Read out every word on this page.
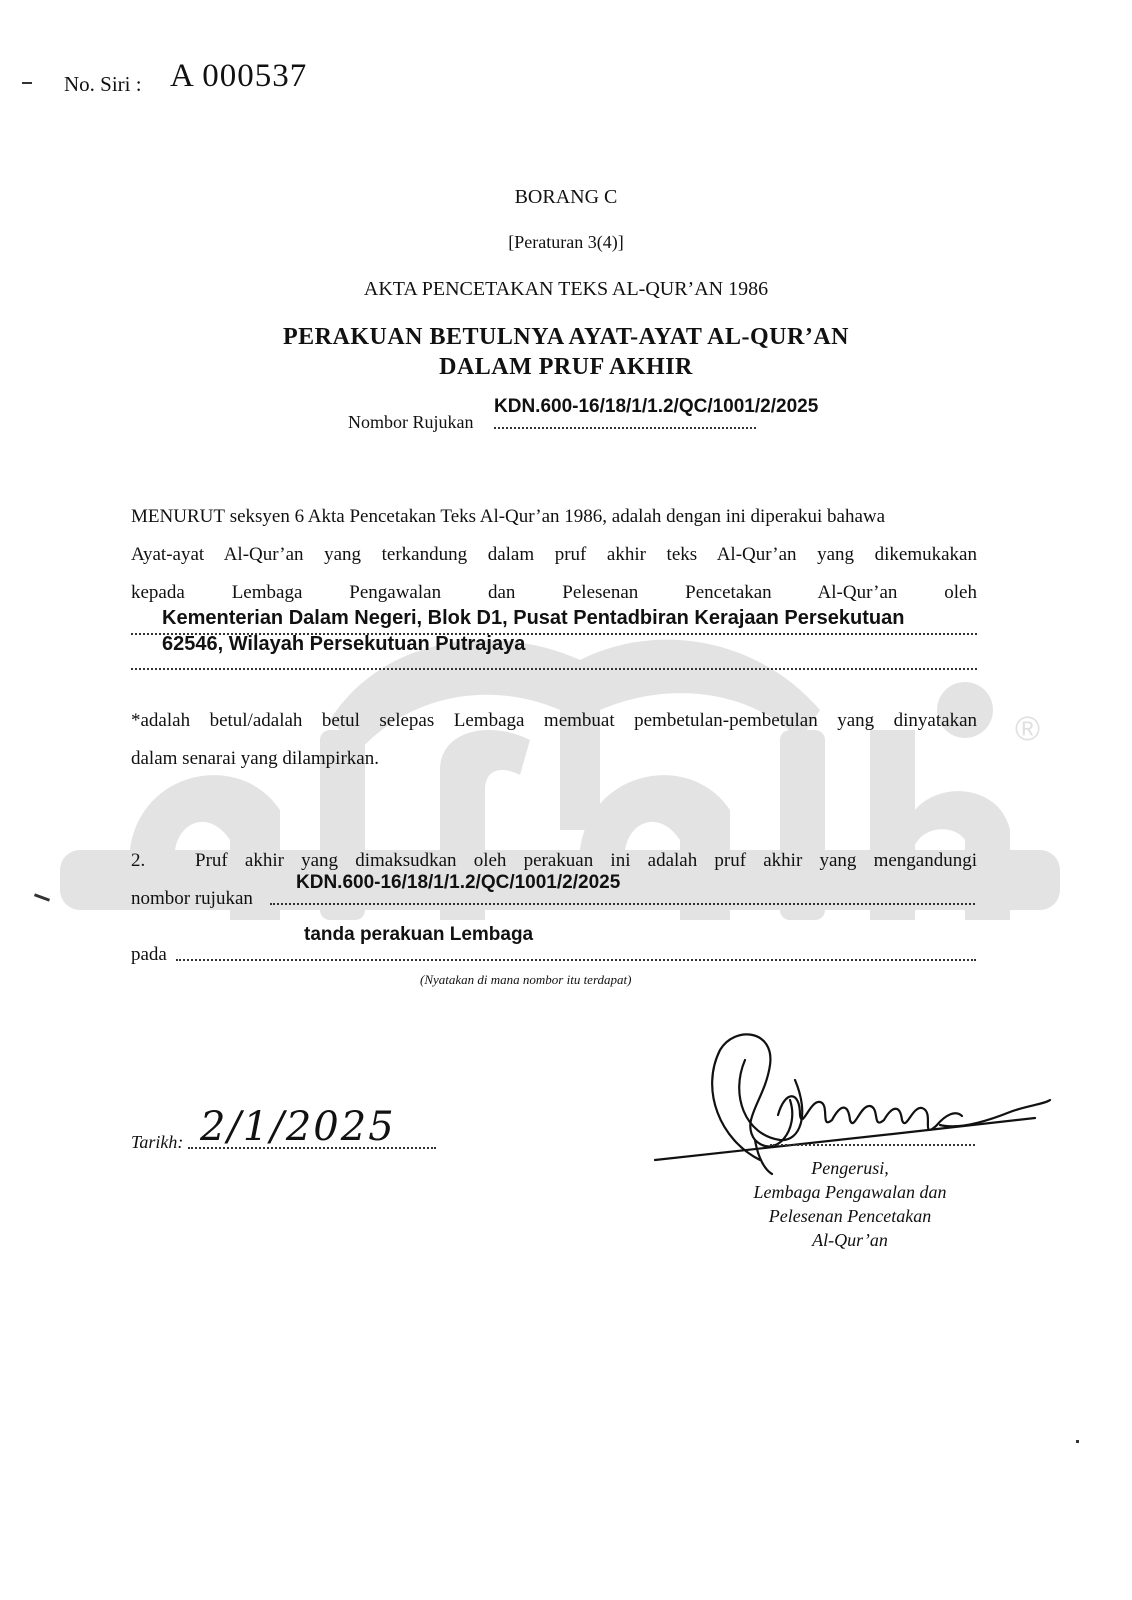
®
No. Siri : A 000537
BORANG C
[Peraturan 3(4)]
AKTA PENCETAKAN TEKS AL-QUR’AN 1986
PERAKUAN BETULNYA AYAT-AYAT AL-QUR’AN
DALAM PRUF AKHIR
Nombor Rujukan
KDN.600-16/18/1/1.2/QC/1001/2/2025
MENURUT seksyen 6 Akta Pencetakan Teks Al-Qur’an 1986, adalah dengan ini diperakui bahawa
Ayat-ayat Al-Qur’an yang terkandung dalam pruf akhir teks Al-Qur’an yang dikemukakan
kepada Lembaga Pengawalan dan Pelesenan Pencetakan Al-Qur’an oleh
Kementerian Dalam Negeri, Blok D1, Pusat Pentadbiran Kerajaan Persekutuan
62546, Wilayah Persekutuan Putrajaya
*adalah betul/adalah betul selepas Lembaga membuat pembetulan-pembetulan yang dinyatakan
dalam senarai yang dilampirkan.
2.	Pruf akhir yang dimaksudkan oleh perakuan ini adalah pruf akhir yang mengandungi
nombor rujukan
KDN.600-16/18/1/1.2/QC/1001/2/2025
pada
tanda perakuan Lembaga
(Nyatakan di mana nombor itu terdapat)
Tarikh: 2/1/2025
Pengerusi,
Lembaga Pengawalan dan
Pelesenan Pencetakan
Al-Qur’an
